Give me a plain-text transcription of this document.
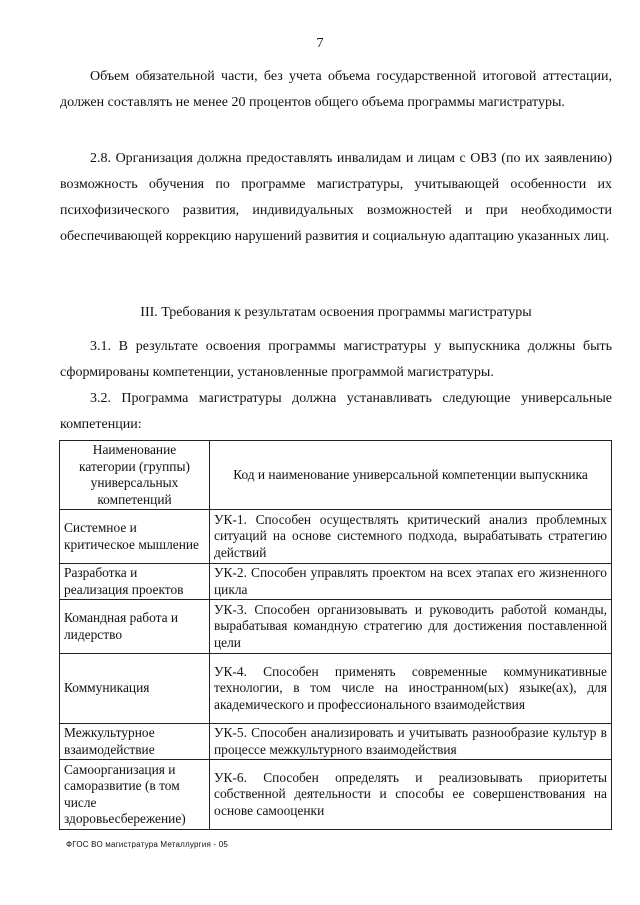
7

Объем обязательной части, без учета объема государственной итоговой аттестации, должен составлять не менее 20 процентов общего объема программы магистратуры.

2.8. Организация должна предоставлять инвалидам и лицам с ОВЗ (по их заявлению) возможность обучения по программе магистратуры, учитывающей особенности их психофизического развития, индивидуальных возможностей и при необходимости обеспечивающей коррекцию нарушений развития и социальную адаптацию указанных лиц.

III. Требования к результатам освоения программы магистратуры

3.1. В результате освоения программы магистратуры у выпускника должны быть сформированы компетенции, установленные программой магистратуры.

3.2. Программа магистратуры должна устанавливать следующие универсальные компетенции:

Наименование категории (группы) универсальных компетенций	Код и наименование универсальной компетенции выпускника
Системное и критическое мышление	УК-1. Способен осуществлять критический анализ проблемных ситуаций на основе системного подхода, вырабатывать стратегию действий
Разработка и реализация проектов	УК-2. Способен управлять проектом на всех этапах его жизненного цикла
Командная работа и лидерство	УК-3. Способен организовывать и руководить работой команды, вырабатывая командную стратегию для достижения поставленной цели
Коммуникация	УК-4. Способен применять современные коммуникативные технологии, в том числе на иностранном(ых) языке(ах), для академического и профессионального взаимодействия
Межкультурное взаимодействие	УК-5. Способен анализировать и учитывать разнообразие культур в процессе межкультурного взаимодействия
Самоорганизация и саморазвитие (в том числе здоровьесбережение)	УК-6. Способен определять и реализовывать приоритеты собственной деятельности и способы ее совершенствования на основе самооценки
ФГОС ВО магистратура Металлургия - 05
